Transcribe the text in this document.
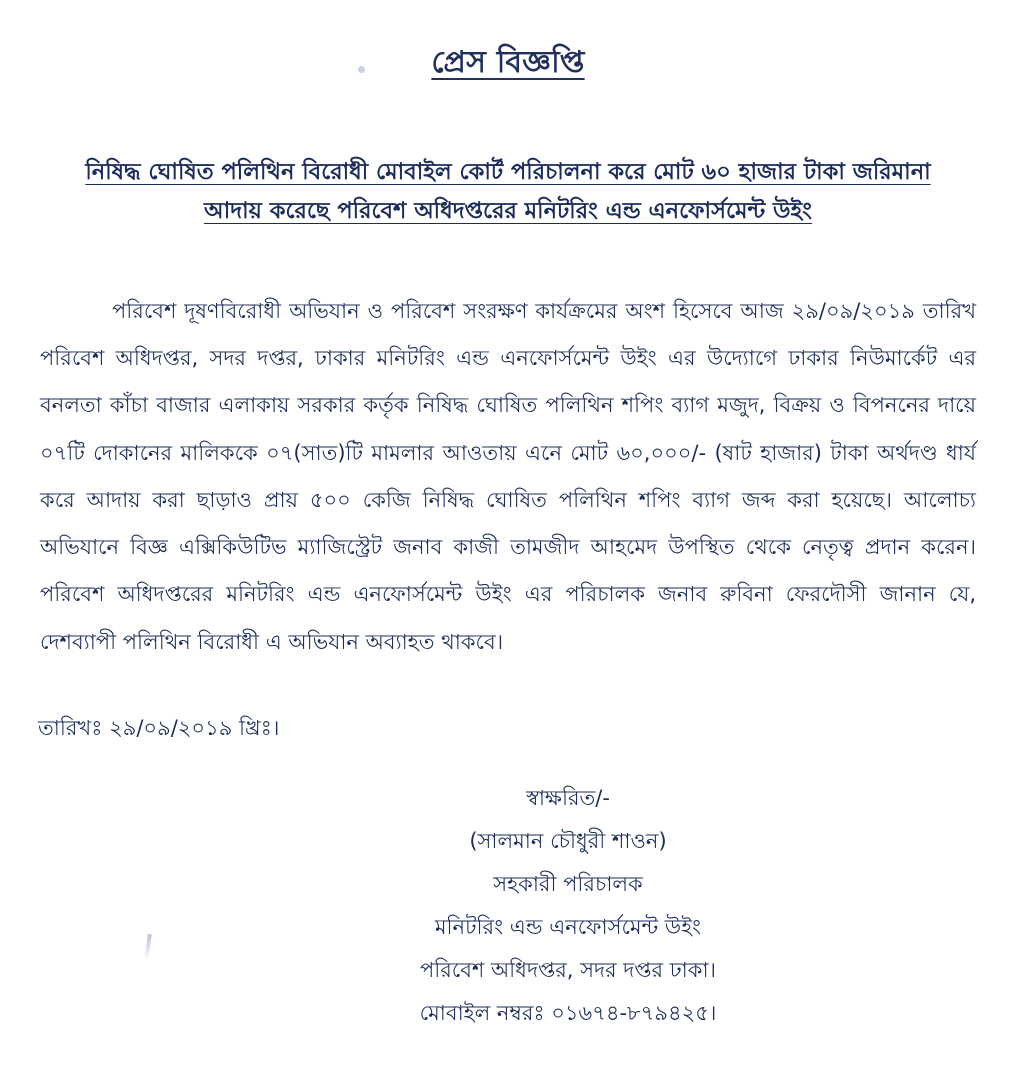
প্রেস বিজ্ঞপ্তি
নিষিদ্ধ ঘোষিত পলিথিন বিরোধী মোবাইল কোর্ট পরিচালনা করে মোট ৬০ হাজার টাকা জরিমানা
আদায় করেছে পরিবেশ অধিদপ্তরের মনিটরিং এন্ড এনফোর্সমেন্ট উইং

পরিবেশ দূষণবিরোধী অভিযান ও পরিবেশ সংরক্ষণ কার্যক্রমের অংশ হিসেবে আজ ২৯/০৯/২০১৯ তারিখ পরিবেশ অধিদপ্তর, সদর দপ্তর, ঢাকার মনিটরিং এন্ড এনফোর্সমেন্ট উইং এর উদ্যোগে ঢাকার নিউমার্কেট এর বনলতা কাঁচা বাজার এলাকায় সরকার কর্তৃক নিষিদ্ধ ঘোষিত পলিথিন শপিং ব্যাগ মজুদ, বিক্রয় ও বিপননের দায়ে ০৭টি দোকানের মালিককে ০৭(সাত)টি মামলার আওতায় এনে মোট ৬০,০০০/- (ষাট হাজার) টাকা অর্থদণ্ড ধার্য করে আদায় করা ছাড়াও প্রায় ৫০০ কেজি নিষিদ্ধ ঘোষিত পলিথিন শপিং ব্যাগ জব্দ করা হয়েছে। আলোচ্য অভিযানে বিজ্ঞ এক্সিকিউটিভ ম্যাজিস্ট্রেট জনাব কাজী তামজীদ আহমেদ উপস্থিত থেকে নেতৃত্ব প্রদান করেন। পরিবেশ অধিদপ্তরের মনিটরিং এন্ড এনফোর্সমেন্ট উইং এর পরিচালক জনাব রুবিনা ফেরদৌসী জানান যে, দেশব্যাপী পলিথিন বিরোধী এ অভিযান অব্যাহত থাকবে।

তারিখঃ ২৯/০৯/২০১৯ খ্রিঃ।
স্বাক্ষরিত/-
(সালমান চৌধুরী শাওন)
সহকারী পরিচালক
মনিটরিং এন্ড এনফোর্সমেন্ট উইং
পরিবেশ অধিদপ্তর, সদর দপ্তর ঢাকা।
মোবাইল নম্বরঃ ০১৬৭৪-৮৭৯৪২৫।
